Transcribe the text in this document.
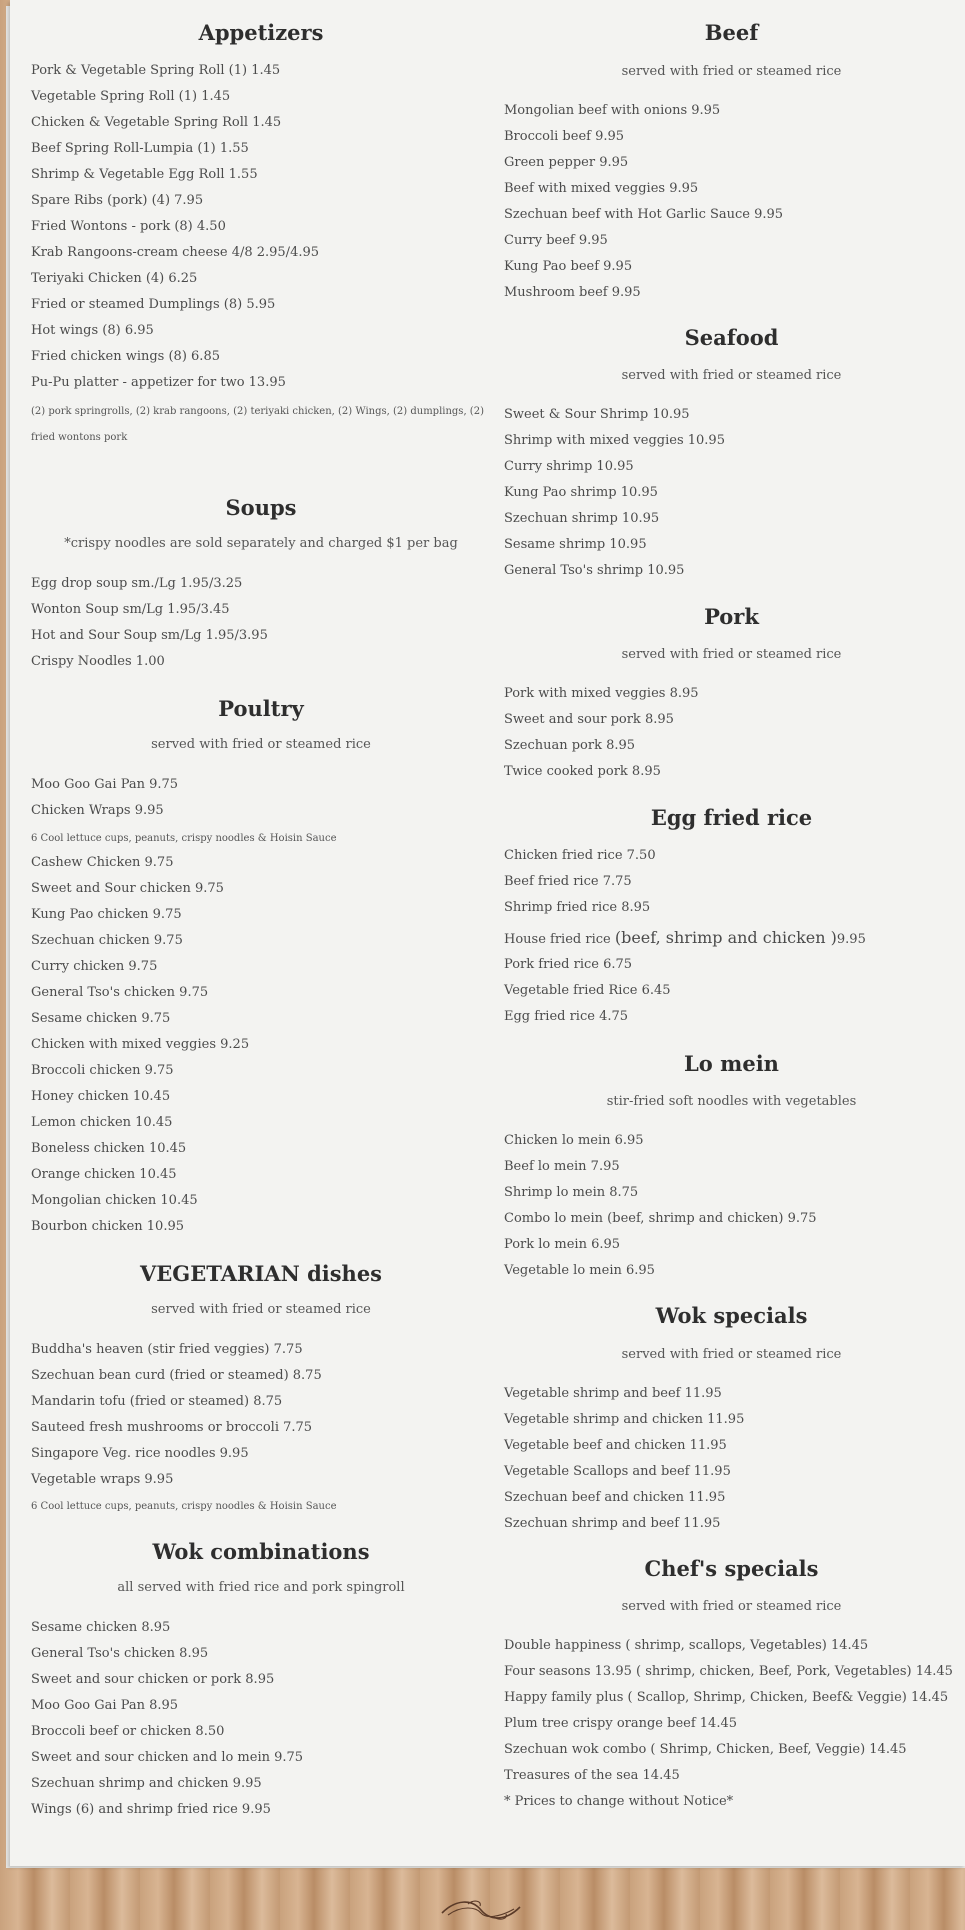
Appetizers
Pork & Vegetable Spring Roll (1) 1.45
Vegetable Spring Roll (1) 1.45
Chicken & Vegetable Spring Roll 1.45
Beef Spring Roll-Lumpia (1) 1.55
Shrimp & Vegetable Egg Roll 1.55
Spare Ribs (pork) (4) 7.95
Fried Wontons - pork (8) 4.50
Krab Rangoons-cream cheese 4/8 2.95/4.95
Teriyaki Chicken (4) 6.25
Fried or steamed Dumplings (8) 5.95
Hot wings (8) 6.95
Fried chicken wings (8) 6.85
Pu-Pu platter - appetizer for two 13.95
(2) pork springrolls, (2) krab rangoons, (2) teriyaki chicken, (2) Wings, (2) dumplings, (2)
fried wontons pork
Soups
*crispy noodles are sold separately and charged $1 per bag
Egg drop soup sm./Lg 1.95/3.25
Wonton Soup sm/Lg 1.95/3.45
Hot and Sour Soup sm/Lg 1.95/3.95
Crispy Noodles 1.00
Poultry
served with fried or steamed rice
Moo Goo Gai Pan 9.75
Chicken Wraps 9.95
6 Cool lettuce cups, peanuts, crispy noodles & Hoisin Sauce
Cashew Chicken 9.75
Sweet and Sour chicken 9.75
Kung Pao chicken 9.75
Szechuan chicken 9.75
Curry chicken 9.75
General Tso's chicken 9.75
Sesame chicken 9.75
Chicken with mixed veggies 9.25
Broccoli chicken 9.75
Honey chicken 10.45
Lemon chicken 10.45
Boneless chicken 10.45
Orange chicken 10.45
Mongolian chicken 10.45
Bourbon chicken 10.95
VEGETARIAN dishes
served with fried or steamed rice
Buddha's heaven (stir fried veggies) 7.75
Szechuan bean curd (fried or steamed) 8.75
Mandarin tofu (fried or steamed) 8.75
Sauteed fresh mushrooms or broccoli 7.75
Singapore Veg. rice noodles 9.95
Vegetable wraps 9.95
6 Cool lettuce cups, peanuts, crispy noodles & Hoisin Sauce
Wok combinations
all served with fried rice and pork spingroll
Sesame chicken 8.95
General Tso's chicken 8.95
Sweet and sour chicken or pork 8.95
Moo Goo Gai Pan 8.95
Broccoli beef or chicken 8.50
Sweet and sour chicken and lo mein 9.75
Szechuan shrimp and chicken 9.95
Wings (6) and shrimp fried rice 9.95
Beef
served with fried or steamed rice
Mongolian beef with onions 9.95
Broccoli beef 9.95
Green pepper 9.95
Beef with mixed veggies 9.95
Szechuan beef with Hot Garlic Sauce 9.95
Curry beef 9.95
Kung Pao beef 9.95
Mushroom beef 9.95
Seafood
served with fried or steamed rice
Sweet & Sour Shrimp 10.95
Shrimp with mixed veggies 10.95
Curry shrimp 10.95
Kung Pao shrimp 10.95
Szechuan shrimp 10.95
Sesame shrimp 10.95
General Tso's shrimp 10.95
Pork
served with fried or steamed rice
Pork with mixed veggies 8.95
Sweet and sour pork 8.95
Szechuan pork 8.95
Twice cooked pork 8.95
Egg fried rice
Chicken fried rice 7.50
Beef fried rice 7.75
Shrimp fried rice 8.95
House fried rice (beef, shrimp and chicken )9.95
Pork fried rice 6.75
Vegetable fried Rice 6.45
Egg fried rice 4.75
Lo mein
stir-fried soft noodles with vegetables
Chicken lo mein 6.95
Beef lo mein 7.95
Shrimp lo mein 8.75
Combo lo mein (beef, shrimp and chicken) 9.75
Pork lo mein 6.95
Vegetable lo mein 6.95
Wok specials
served with fried or steamed rice
Vegetable shrimp and beef 11.95
Vegetable shrimp and chicken 11.95
Vegetable beef and chicken 11.95
Vegetable Scallops and beef 11.95
Szechuan beef and chicken 11.95
Szechuan shrimp and beef 11.95
Chef's specials
served with fried or steamed rice
Double happiness ( shrimp, scallops, Vegetables) 14.45
Four seasons 13.95 ( shrimp, chicken, Beef, Pork, Vegetables) 14.45
Happy family plus ( Scallop, Shrimp, Chicken, Beef& Veggie) 14.45
Plum tree crispy orange beef 14.45
Szechuan wok combo ( Shrimp, Chicken, Beef, Veggie) 14.45
Treasures of the sea 14.45
* Prices to change without Notice*
